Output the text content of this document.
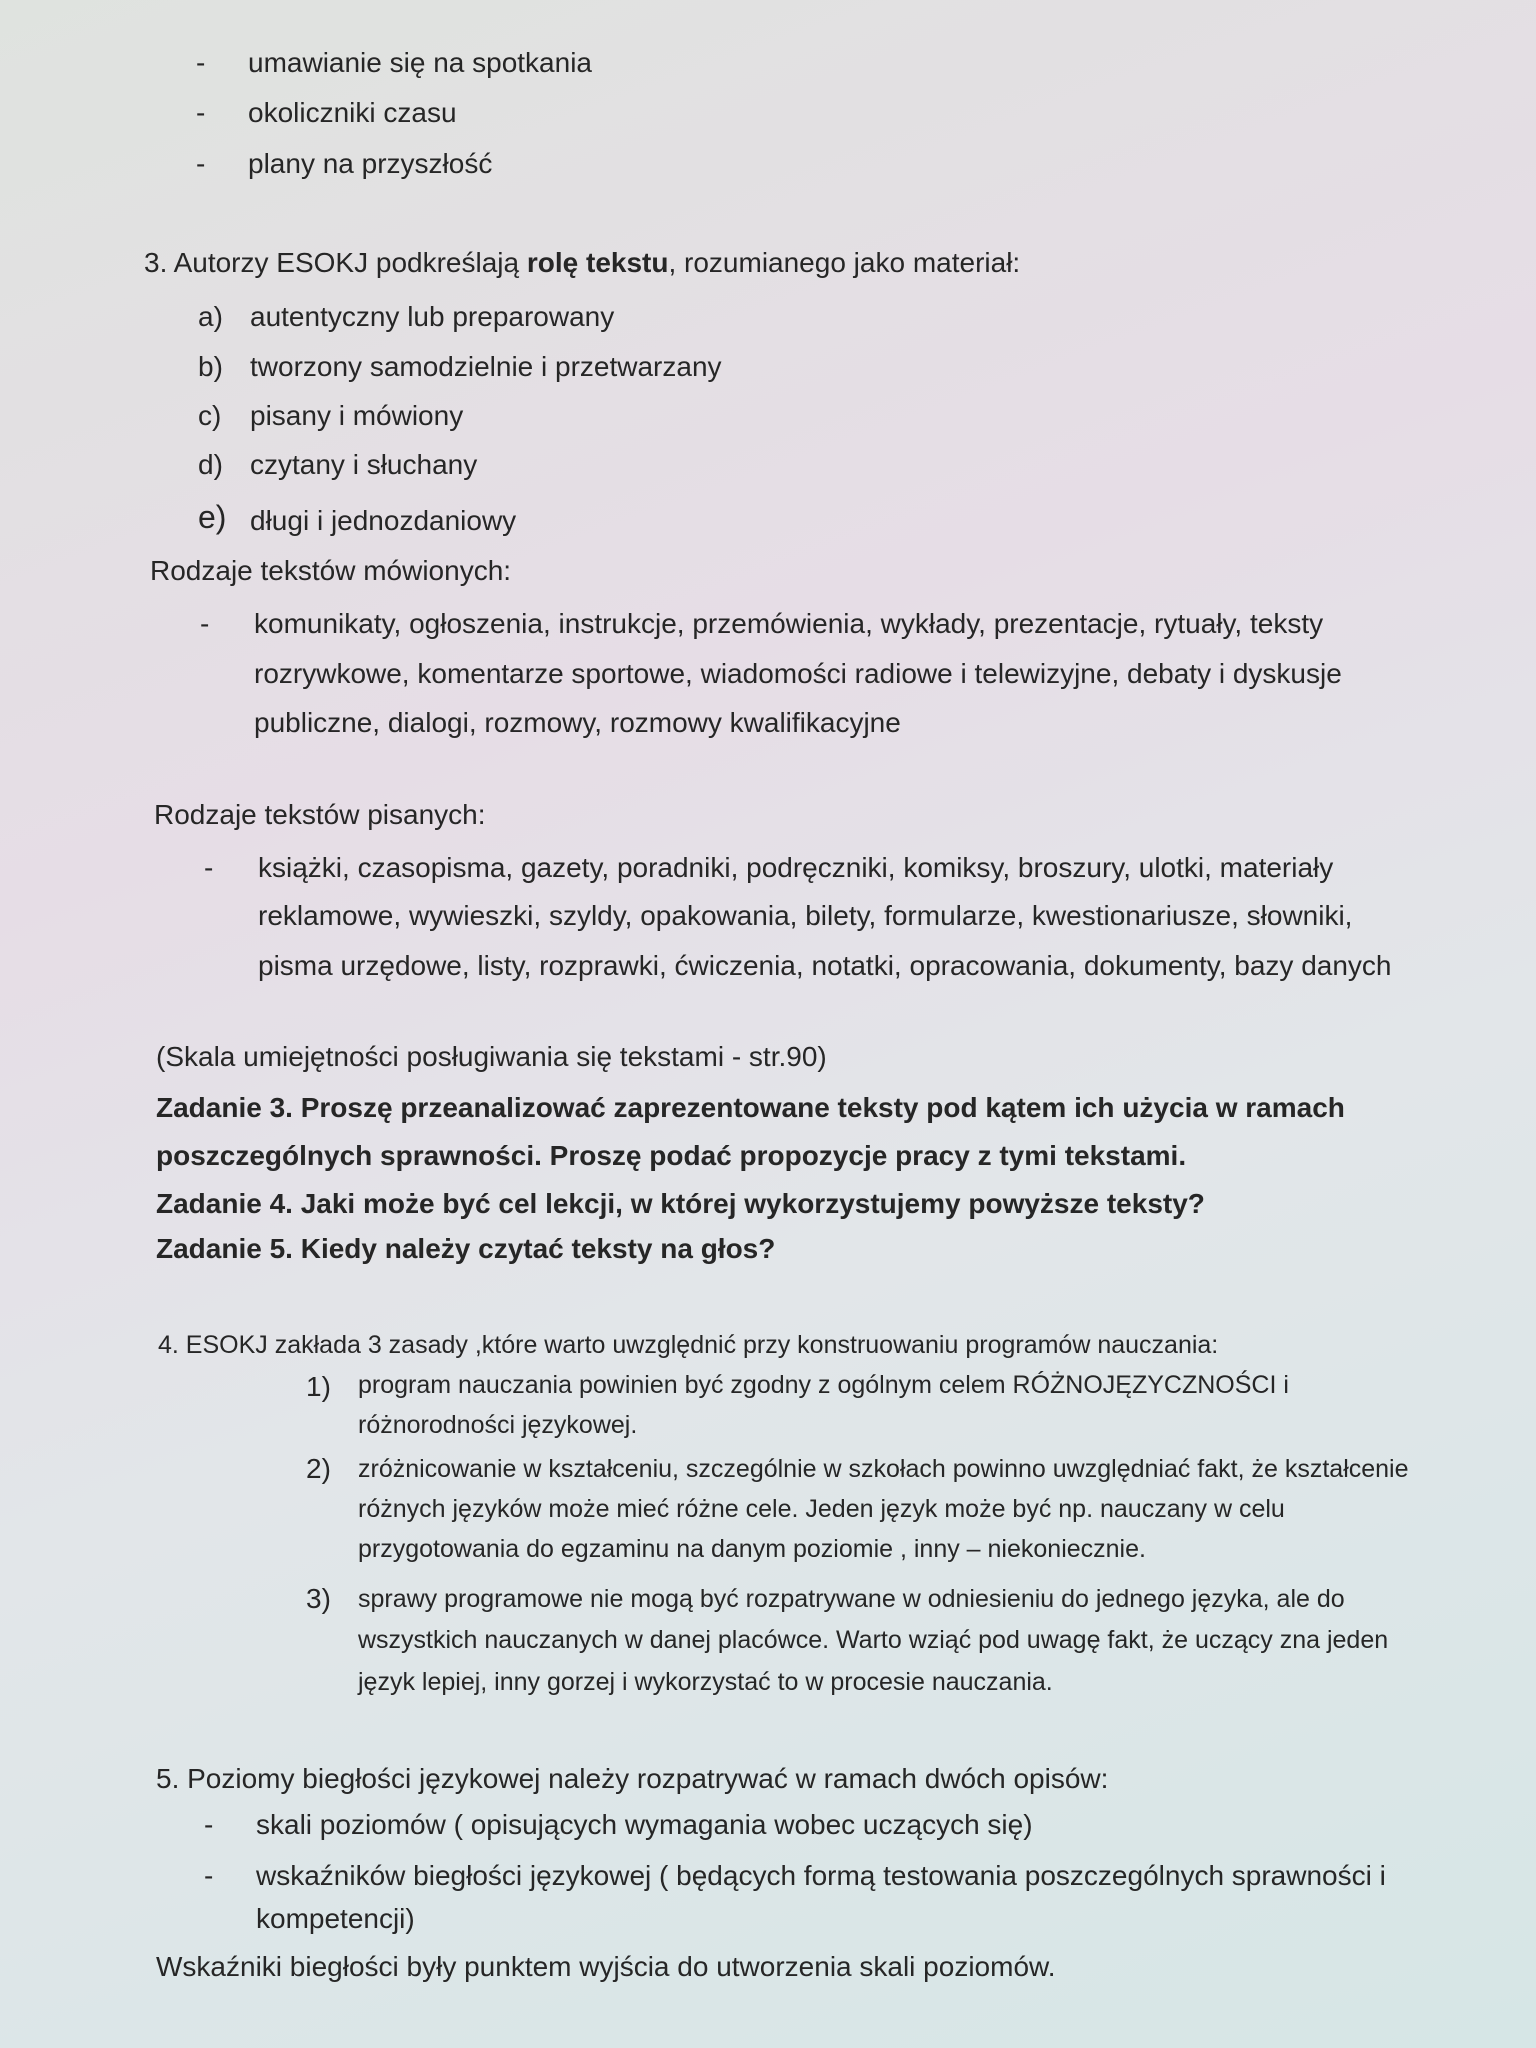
- umawianie się na spotkania
- okoliczniki czasu
- plany na przyszłość
3. Autorzy ESOKJ podkreślają rolę tekstu, rozumianego jako materiał:
a) autentyczny lub preparowany
b) tworzony samodzielnie i przetwarzany
c) pisany i mówiony
d) czytany i słuchany
e) długi i jednozdaniowy
Rodzaje tekstów mówionych:
- komunikaty, ogłoszenia, instrukcje, przemówienia, wykłady, prezentacje, rytuały, teksty
rozrywkowe, komentarze sportowe, wiadomości radiowe i telewizyjne, debaty i dyskusje
publiczne, dialogi, rozmowy, rozmowy kwalifikacyjne
Rodzaje tekstów pisanych:
- książki, czasopisma, gazety, poradniki, podręczniki, komiksy, broszury, ulotki, materiały
reklamowe, wywieszki, szyldy, opakowania, bilety, formularze, kwestionariusze, słowniki,
pisma urzędowe, listy, rozprawki, ćwiczenia, notatki, opracowania, dokumenty, bazy danych
(Skala umiejętności posługiwania się tekstami - str.90)
Zadanie 3. Proszę przeanalizować zaprezentowane teksty pod kątem ich użycia w ramach
poszczególnych sprawności. Proszę podać propozycje pracy z tymi tekstami.
Zadanie 4. Jaki może być cel lekcji, w której wykorzystujemy powyższe teksty?
Zadanie 5. Kiedy należy czytać teksty na głos?
4. ESOKJ zakłada 3 zasady ,które warto uwzględnić przy konstruowaniu programów nauczania:
1) program nauczania powinien być zgodny z ogólnym celem RÓŻNOJĘZYCZNOŚCI i
różnorodności językowej.
2) zróżnicowanie w kształceniu, szczególnie w szkołach powinno uwzględniać fakt, że kształcenie
różnych języków może mieć różne cele. Jeden język może być np. nauczany w celu
przygotowania do egzaminu na danym poziomie , inny – niekoniecznie.
3) sprawy programowe nie mogą być rozpatrywane w odniesieniu do jednego języka, ale do
wszystkich nauczanych w danej placówce. Warto wziąć pod uwagę fakt, że uczący zna jeden
język lepiej, inny gorzej i wykorzystać to w procesie nauczania.
5. Poziomy biegłości językowej należy rozpatrywać w ramach dwóch opisów:
- skali poziomów ( opisujących wymagania wobec uczących się)
- wskaźników biegłości językowej ( będących formą testowania poszczególnych sprawności i
kompetencji)
Wskaźniki biegłości były punktem wyjścia do utworzenia skali poziomów.
